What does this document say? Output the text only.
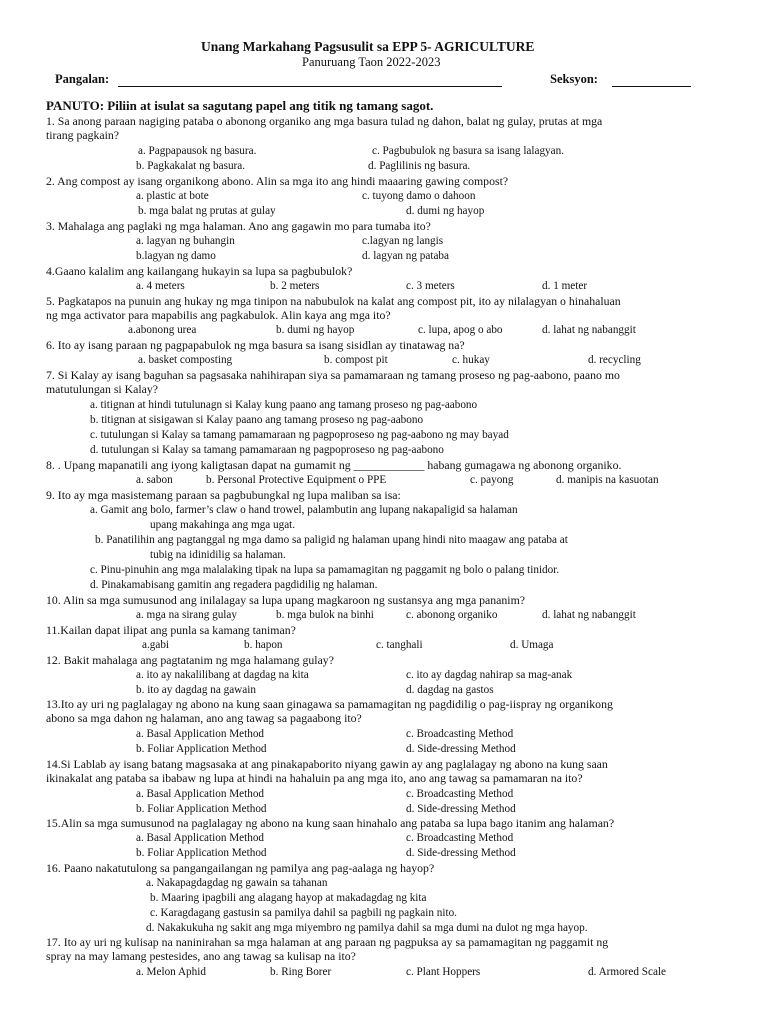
Unang Markahang Pagsusulit sa EPP 5- AGRICULTURE
Panuruang Taon 2022-2023
Pangalan:	Seksyon:
PANUTO: Piliin at isulat sa sagutang papel ang titik ng tamang sagot.
1. Sa anong paraan nagiging pataba o abonong organiko ang mga basura tulad ng dahon, balat ng gulay, prutas at mga
tirang pagkain?
a. Pagpapausok ng basura.	c. Pagbubulok ng basura sa isang lalagyan.
b. Pagkakalat ng basura.	d. Paglilinis ng basura.
2. Ang compost ay isang organikong abono. Alin sa mga ito ang hindi maaaring gawing compost?
a. plastic at bote	c. tuyong damo o dahoon
b. mga balat ng prutas at gulay	d. dumi ng hayop
3. Mahalaga ang paglaki ng mga halaman. Ano ang gagawin mo para tumaba ito?
a. lagyan ng buhangin	c.lagyan ng langis
b.lagyan ng damo	d. lagyan ng pataba
4.Gaano kalalim ang kailangang hukayin sa lupa sa pagbubulok?
a. 4 meters	b. 2 meters	c. 3 meters	d. 1 meter
5. Pagkatapos na punuin ang hukay ng mga tinipon na nabubulok na kalat ang compost pit, ito ay nilalagyan o hinahaluan
ng mga activator para mapabilis ang pagkabulok. Alin kaya ang mga ito?
a.abonong urea	b. dumi ng hayop	c. lupa, apog o abo	d. lahat ng nabanggit
6. Ito ay isang paraan ng pagpapabulok ng mga basura sa isang sisidlan ay tinatawag na?
a. basket composting	b. compost pit	c. hukay	d. recycling
7. Si Kalay ay isang baguhan sa pagsasaka nahihirapan siya sa pamamaraan ng tamang proseso ng pag-aabono, paano mo
matutulungan si Kalay?
a. titignan at hindi tutulunagn si Kalay kung paano ang tamang proseso ng pag-aabono
b. titignan at sisigawan si Kalay paano ang tamang proseso ng pag-aabono
c. tutulungan si Kalay sa tamang pamamaraan ng pagpoproseso ng pag-aabono ng may bayad
d. tutulungan si Kalay sa tamang pamamaraan ng pagpoproseso ng pag-aabono
8. . Upang mapanatili ang iyong kaligtasan dapat na gumamit ng ____________ habang gumagawa ng abonong organiko.
a. sabon	b. Personal Protective Equipment o PPE	c. payong	d. manipis na kasuotan
9. Ito ay mga masistemang paraan sa pagbubungkal ng lupa maliban sa isa:
a. Gamit ang bolo, farmer’s claw o hand trowel, palambutin ang lupang nakapaligid sa halaman
upang makahinga ang mga ugat.
b. Panatilihin ang pagtanggal ng mga damo sa paligid ng halaman upang hindi nito maagaw ang pataba at
tubig na idinidilig sa halaman.
c. Pinu-pinuhin ang mga malalaking tipak na lupa sa pamamagitan ng paggamit ng bolo o palang tinidor.
d. Pinakamabisang gamitin ang regadera pagdidilig ng halaman.
10. Alin sa mga sumusunod ang inilalagay sa lupa upang magkaroon ng sustansya ang mga pananim?
a. mga na sirang gulay	b. mga bulok na binhi	c. abonong organiko	d. lahat ng nabanggit
11.Kailan dapat ilipat ang punla sa kamang taniman?
a.gabi	b. hapon	c. tanghali	d. Umaga
12. Bakit mahalaga ang pagtatanim ng mga halamang gulay?
a. ito ay nakalilibang at dagdag na kita	c. ito ay dagdag nahirap sa mag-anak
b. ito ay dagdag na gawain	d. dagdag na gastos
13.Ito ay uri ng paglalagay ng abono na kung saan ginagawa sa pamamagitan ng pagdidilig o pag-iispray ng organikong
abono sa mga dahon ng halaman, ano ang tawag sa pagaabong ito?
a. Basal Application Method	c. Broadcasting Method
b. Foliar Application Method	d. Side-dressing Method
14.Si Lablab ay isang batang magsasaka at ang pinakapaborito niyang gawin ay ang paglalagay ng abono na kung saan
ikinakalat ang pataba sa ibabaw ng lupa at hindi na hahaluin pa ang mga ito, ano ang tawag sa pamamaran na ito?
a. Basal Application Method	c. Broadcasting Method
b. Foliar Application Method	d. Side-dressing Method
15.Alin sa mga sumusunod na paglalagay ng abono na kung saan hinahalo ang pataba sa lupa bago itanim ang halaman?
a. Basal Application Method	c. Broadcasting Method
b. Foliar Application Method	d. Side-dressing Method
16. Paano nakatutulong sa pangangailangan ng pamilya ang pag-aalaga ng hayop?
a. Nakapagdagdag ng gawain sa tahanan
b. Maaring ipagbili ang alagang hayop at makadagdag ng kita
c. Karagdagang gastusin sa pamilya dahil sa pagbili ng pagkain nito.
d. Nakakukuha ng sakit ang mga miyembro ng pamilya dahil sa mga dumi na dulot ng mga hayop.
17. Ito ay uri ng kulisap na naninirahan sa mga halaman at ang paraan ng pagpuksa ay sa pamamagitan ng paggamit ng
spray na may lamang pestesides, ano ang tawag sa kulisap na ito?
a. Melon Aphid	b. Ring Borer	c. Plant Hoppers	d. Armored Scale
